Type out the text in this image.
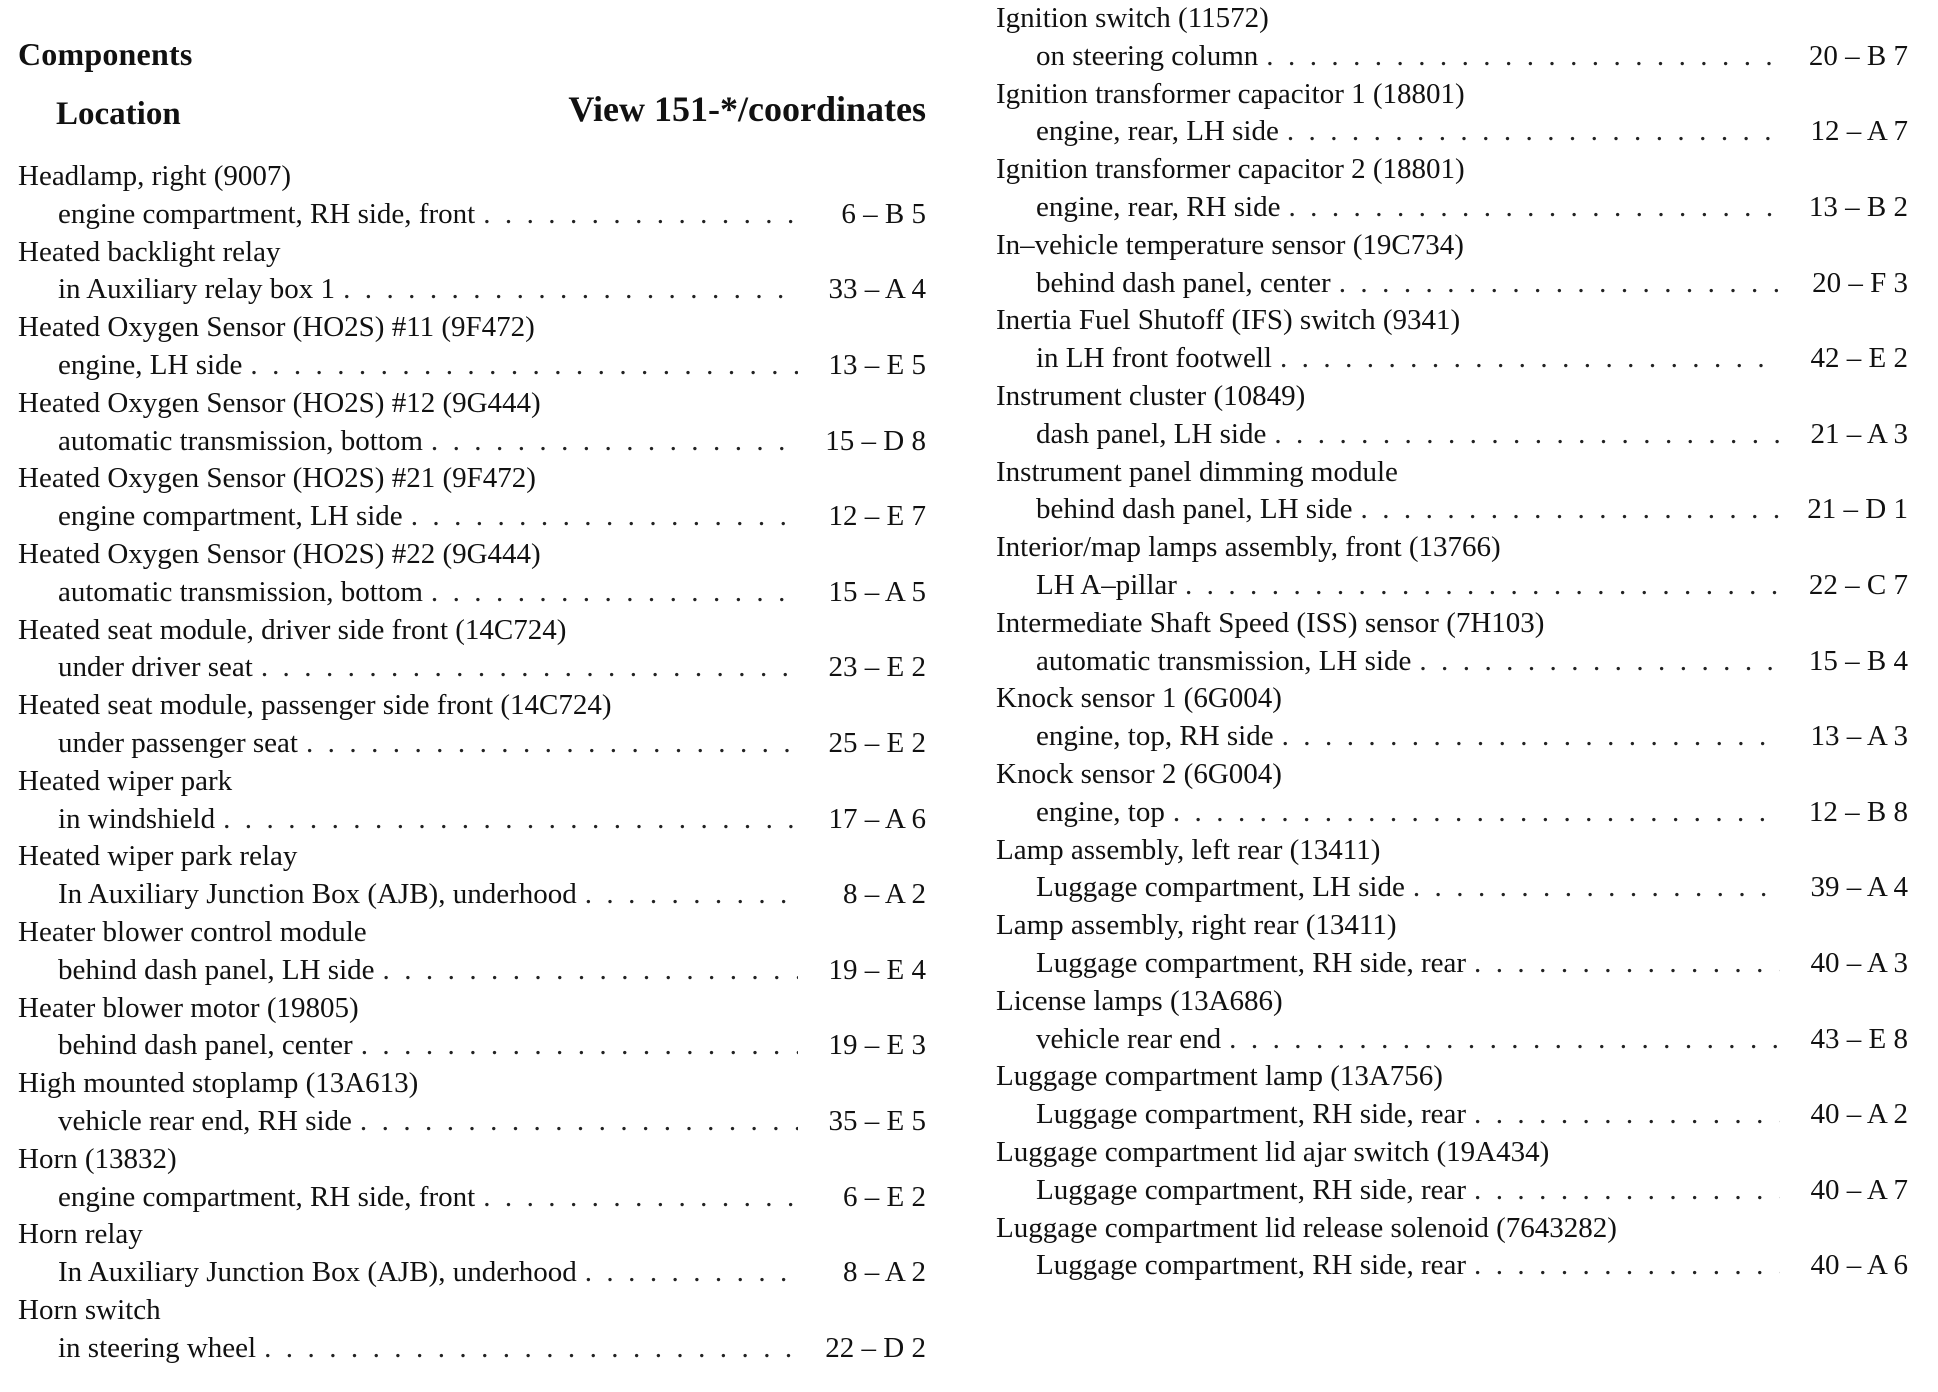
Components
Location	View 151-*/coordinates
Headlamp, right (9007)
engine compartment, RH side, front . . .	6 – B 5
Heated backlight relay
in Auxiliary relay box 1 . . .	33 – A 4
Heated Oxygen Sensor (HO2S) #11 (9F472)
engine, LH side . . .	13 – E 5
Heated Oxygen Sensor (HO2S) #12 (9G444)
automatic transmission, bottom . . .	15 – D 8
Heated Oxygen Sensor (HO2S) #21 (9F472)
engine compartment, LH side . . .	12 – E 7
Heated Oxygen Sensor (HO2S) #22 (9G444)
automatic transmission, bottom . . .	15 – A 5
Heated seat module, driver side front (14C724)
under driver seat . . .	23 – E 2
Heated seat module, passenger side front (14C724)
under passenger seat . . .	25 – E 2
Heated wiper park
in windshield . . .	17 – A 6
Heated wiper park relay
In Auxiliary Junction Box (AJB), underhood . . .	8 – A 2
Heater blower control module
behind dash panel, LH side . . .	19 – E 4
Heater blower motor (19805)
behind dash panel, center . . .	19 – E 3
High mounted stoplamp (13A613)
vehicle rear end, RH side . . .	35 – E 5
Horn (13832)
engine compartment, RH side, front . . .	6 – E 2
Horn relay
In Auxiliary Junction Box (AJB), underhood . . .	8 – A 2
Horn switch
in steering wheel . . .	22 – D 2
Ignition switch (11572)
on steering column . . .	20 – B 7
Ignition transformer capacitor 1 (18801)
engine, rear, LH side . . .	12 – A 7
Ignition transformer capacitor 2 (18801)
engine, rear, RH side . . .	13 – B 2
In–vehicle temperature sensor (19C734)
behind dash panel, center . . .	20 – F 3
Inertia Fuel Shutoff (IFS) switch (9341)
in LH front footwell . . .	42 – E 2
Instrument cluster (10849)
dash panel, LH side . . .	21 – A 3
Instrument panel dimming module
behind dash panel, LH side . . .	21 – D 1
Interior/map lamps assembly, front (13766)
LH A–pillar . . .	22 – C 7
Intermediate Shaft Speed (ISS) sensor (7H103)
automatic transmission, LH side . . .	15 – B 4
Knock sensor 1 (6G004)
engine, top, RH side . . .	13 – A 3
Knock sensor 2 (6G004)
engine, top . . .	12 – B 8
Lamp assembly, left rear (13411)
Luggage compartment, LH side . . .	39 – A 4
Lamp assembly, right rear (13411)
Luggage compartment, RH side, rear . . .	40 – A 3
License lamps (13A686)
vehicle rear end . . .	43 – E 8
Luggage compartment lamp (13A756)
Luggage compartment, RH side, rear . . .	40 – A 2
Luggage compartment lid ajar switch (19A434)
Luggage compartment, RH side, rear . . .	40 – A 7
Luggage compartment lid release solenoid (7643282)
Luggage compartment, RH side, rear . . .	40 – A 6
